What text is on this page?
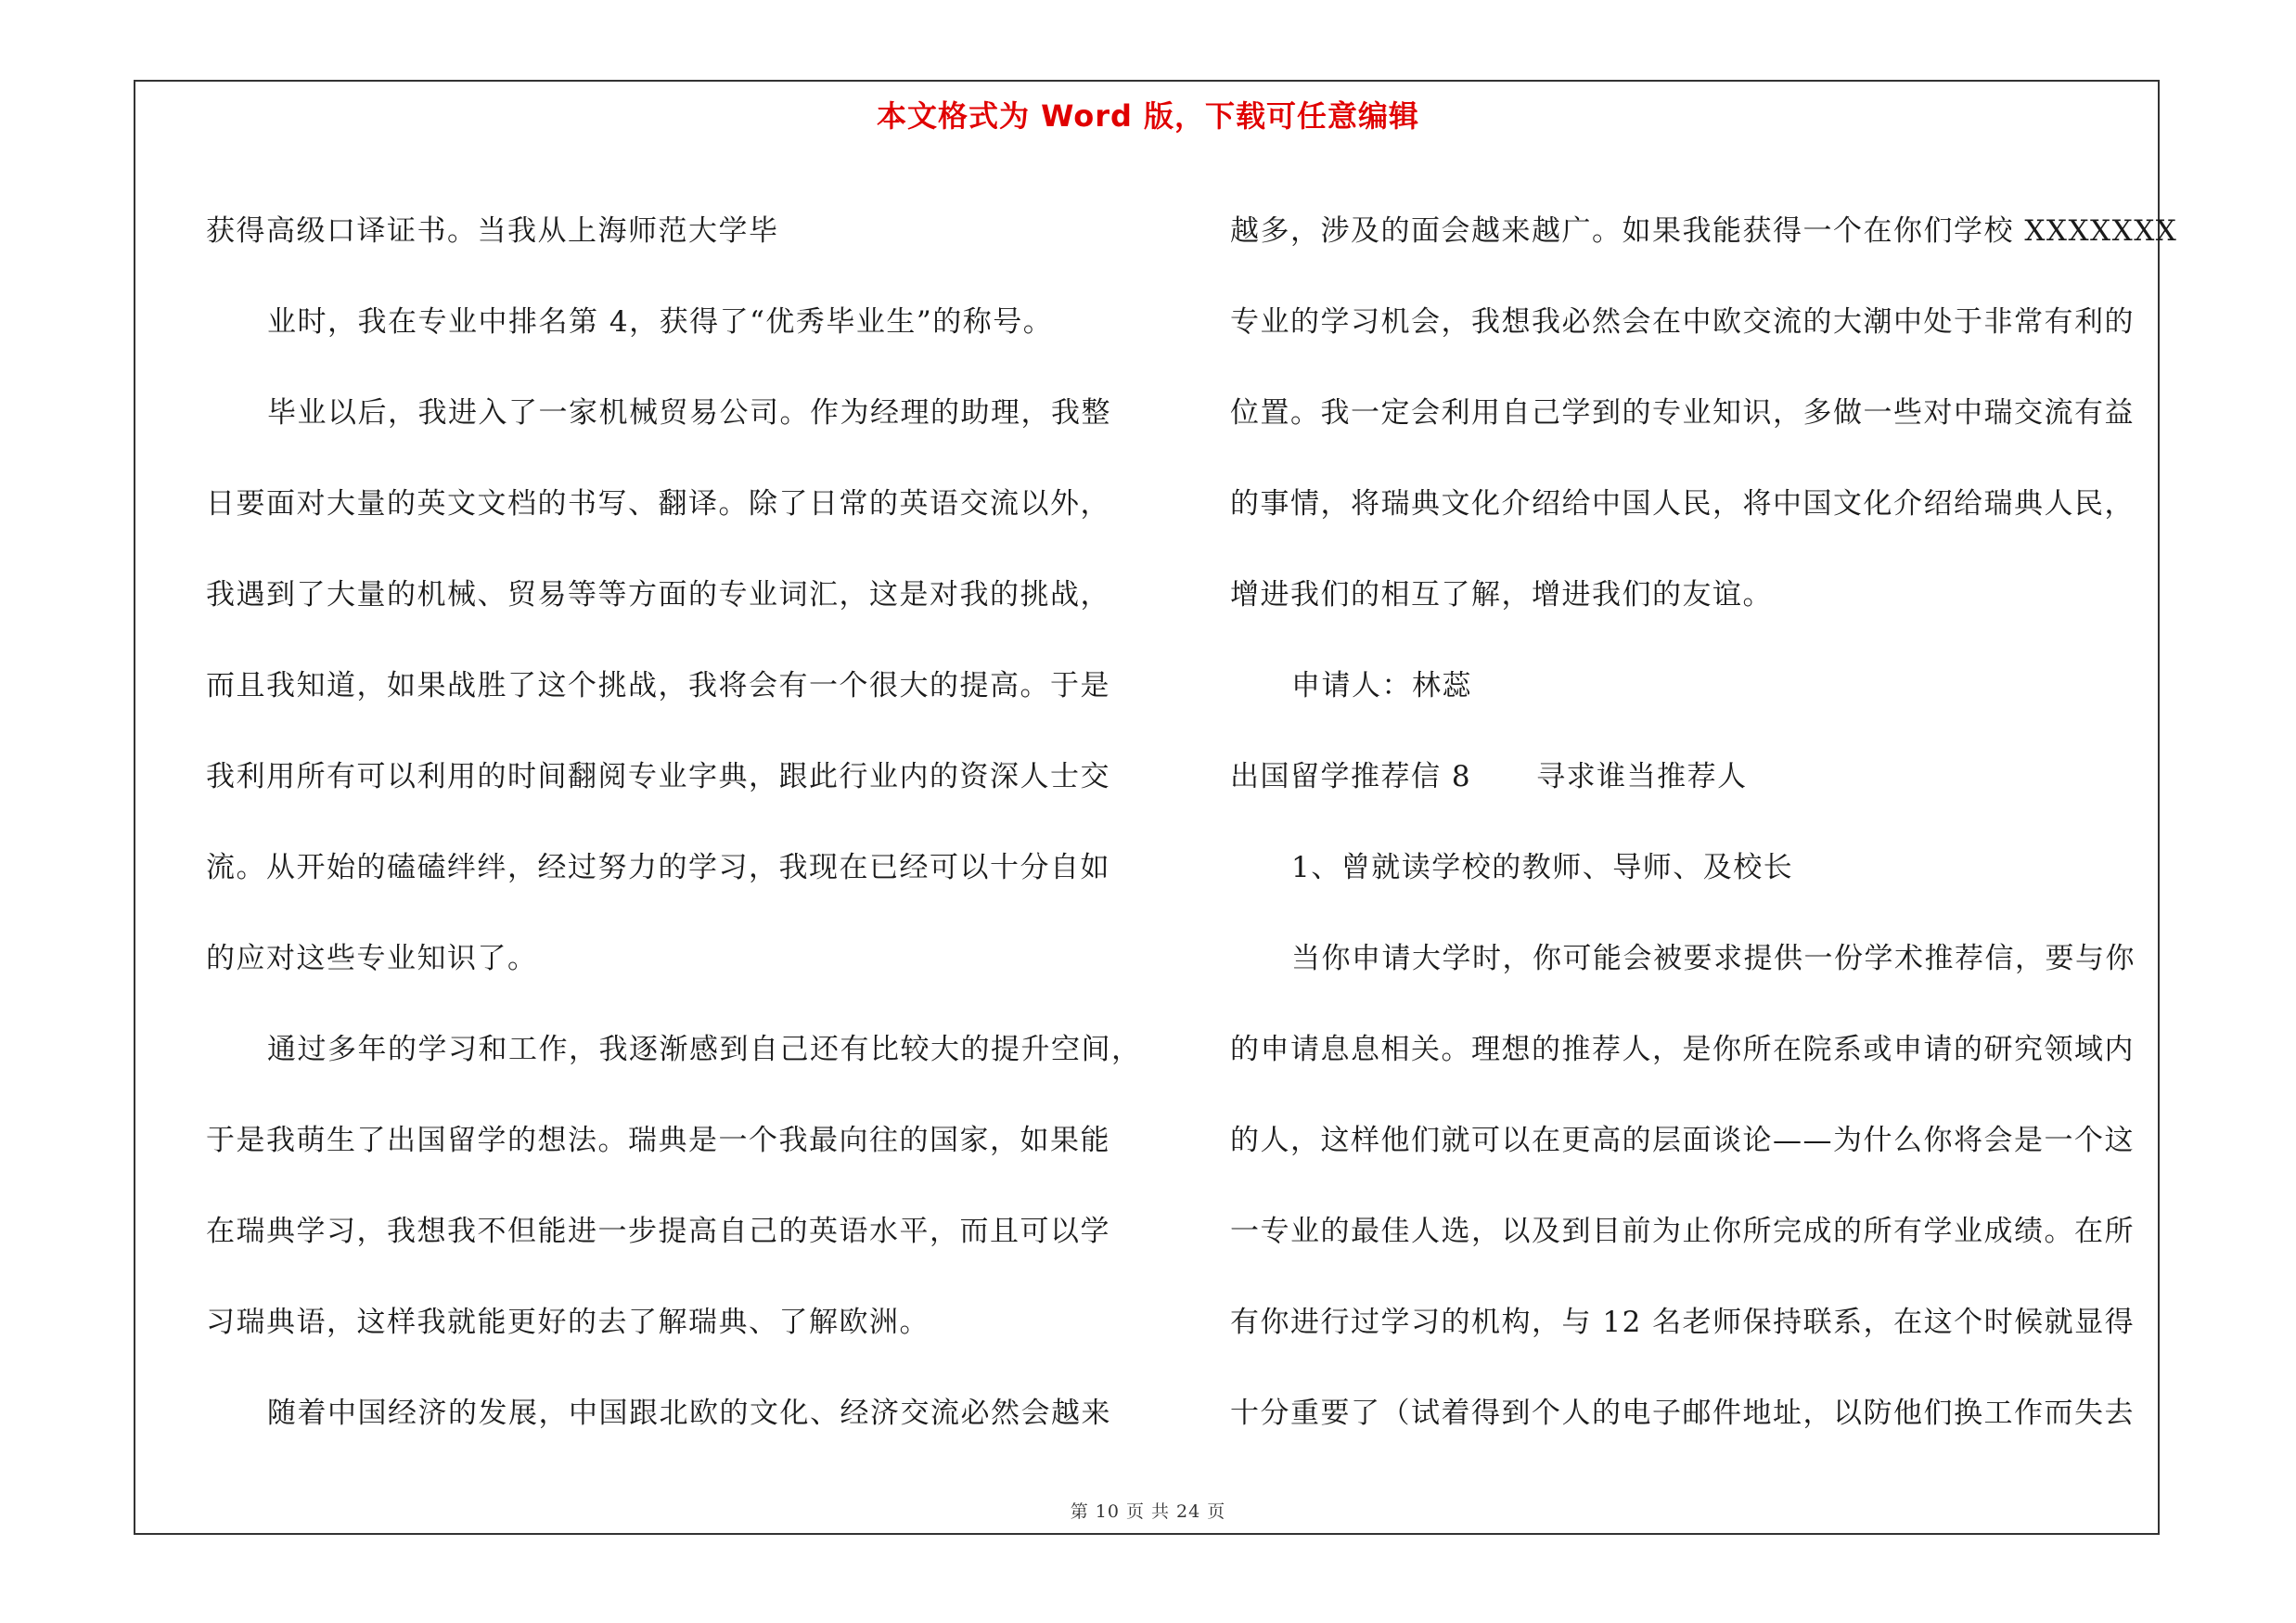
本文格式为 Word 版，下载可任意编辑
获得高级口译证书。当我从上海师范大学毕
业时，我在专业中排名第 4，获得了“优秀毕业生”的称号。
毕业以后，我进入了一家机械贸易公司。作为经理的助理，我整
日要面对大量的英文文档的书写、翻译。除了日常的英语交流以外，
我遇到了大量的机械、贸易等等方面的专业词汇，这是对我的挑战，
而且我知道，如果战胜了这个挑战，我将会有一个很大的提高。于是
我利用所有可以利用的时间翻阅专业字典，跟此行业内的资深人士交
流。从开始的磕磕绊绊，经过努力的学习，我现在已经可以十分自如
的应对这些专业知识了。
通过多年的学习和工作，我逐渐感到自己还有比较大的提升空间，
于是我萌生了出国留学的想法。瑞典是一个我最向往的国家，如果能
在瑞典学习，我想我不但能进一步提高自己的英语水平，而且可以学
习瑞典语，这样我就能更好的去了解瑞典、了解欧洲。
随着中国经济的发展，中国跟北欧的文化、经济交流必然会越来
越多，涉及的面会越来越广。如果我能获得一个在你们学校 XXXXXXX
专业的学习机会，我想我必然会在中欧交流的大潮中处于非常有利的
位置。我一定会利用自己学到的专业知识，多做一些对中瑞交流有益
的事情，将瑞典文化介绍给中国人民，将中国文化介绍给瑞典人民，
增进我们的相互了解，增进我们的友谊。
申请人：林蕊
出国留学推荐信 8 寻求谁当推荐人
1、曾就读学校的教师、导师、及校长
当你申请大学时，你可能会被要求提供一份学术推荐信，要与你
的申请息息相关。理想的推荐人，是你所在院系或申请的研究领域内
的人，这样他们就可以在更高的层面谈论——为什么你将会是一个这
一专业的最佳人选，以及到目前为止你所完成的所有学业成绩。在所
有你进行过学习的机构，与 12 名老师保持联系，在这个时候就显得
十分重要了（试着得到个人的电子邮件地址，以防他们换工作而失去
第 10 页 共 24 页
